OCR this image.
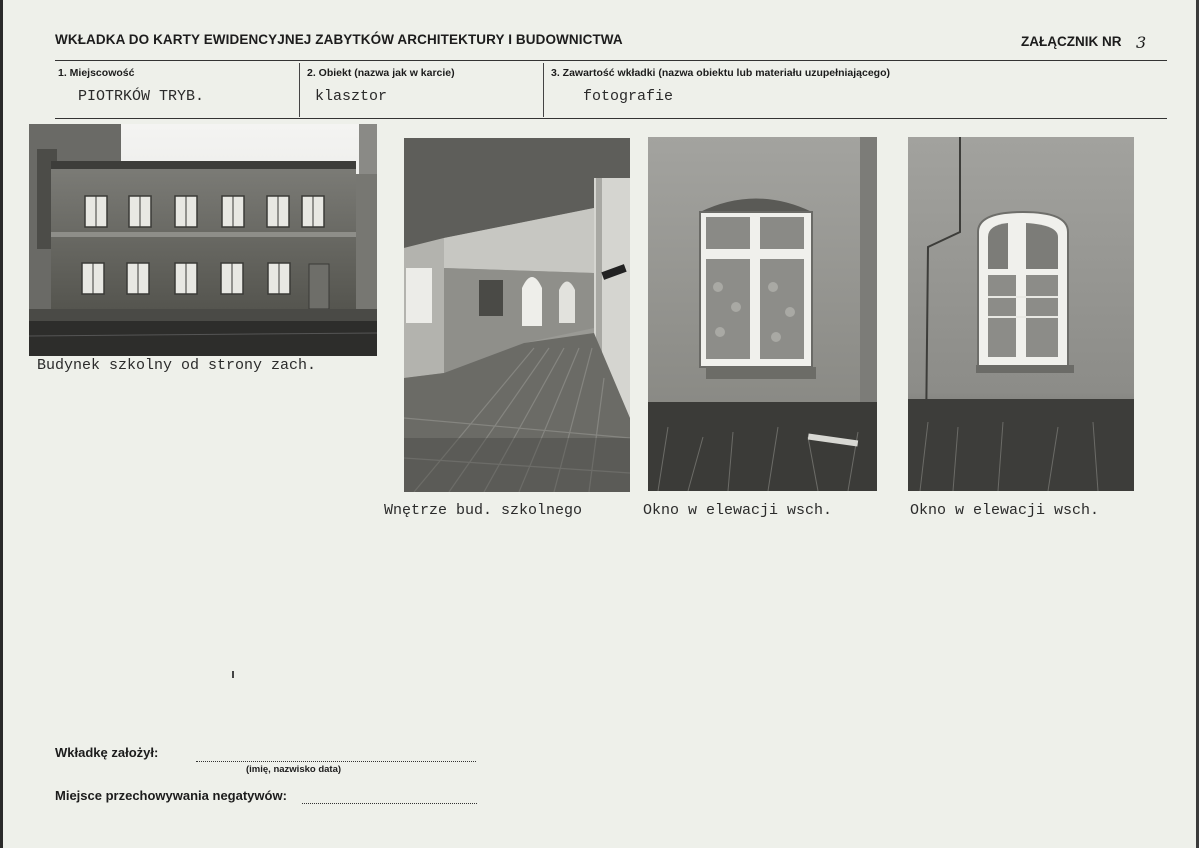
WKŁADKA DO KARTY EWIDENCYJNEJ ZABYTKÓW ARCHITEKTURY I BUDOWNICTWA	ZAŁĄCZNIK NR 3
1. Miejscowość
PIOTRKÓW TRYB.
2. Obiekt (nazwa jak w karcie)
klasztor
3. Zawartość wkładki (nazwa obiektu lub materiału uzupełniającego)
fotografie
Budynek szkolny od strony zach.
Wnętrze bud. szkolnego	Okno w elewacji wsch.	Okno w elewacji wsch.
Wkładkę założył:
(imię, nazwisko data)
Miejsce przechowywania negatywów:
